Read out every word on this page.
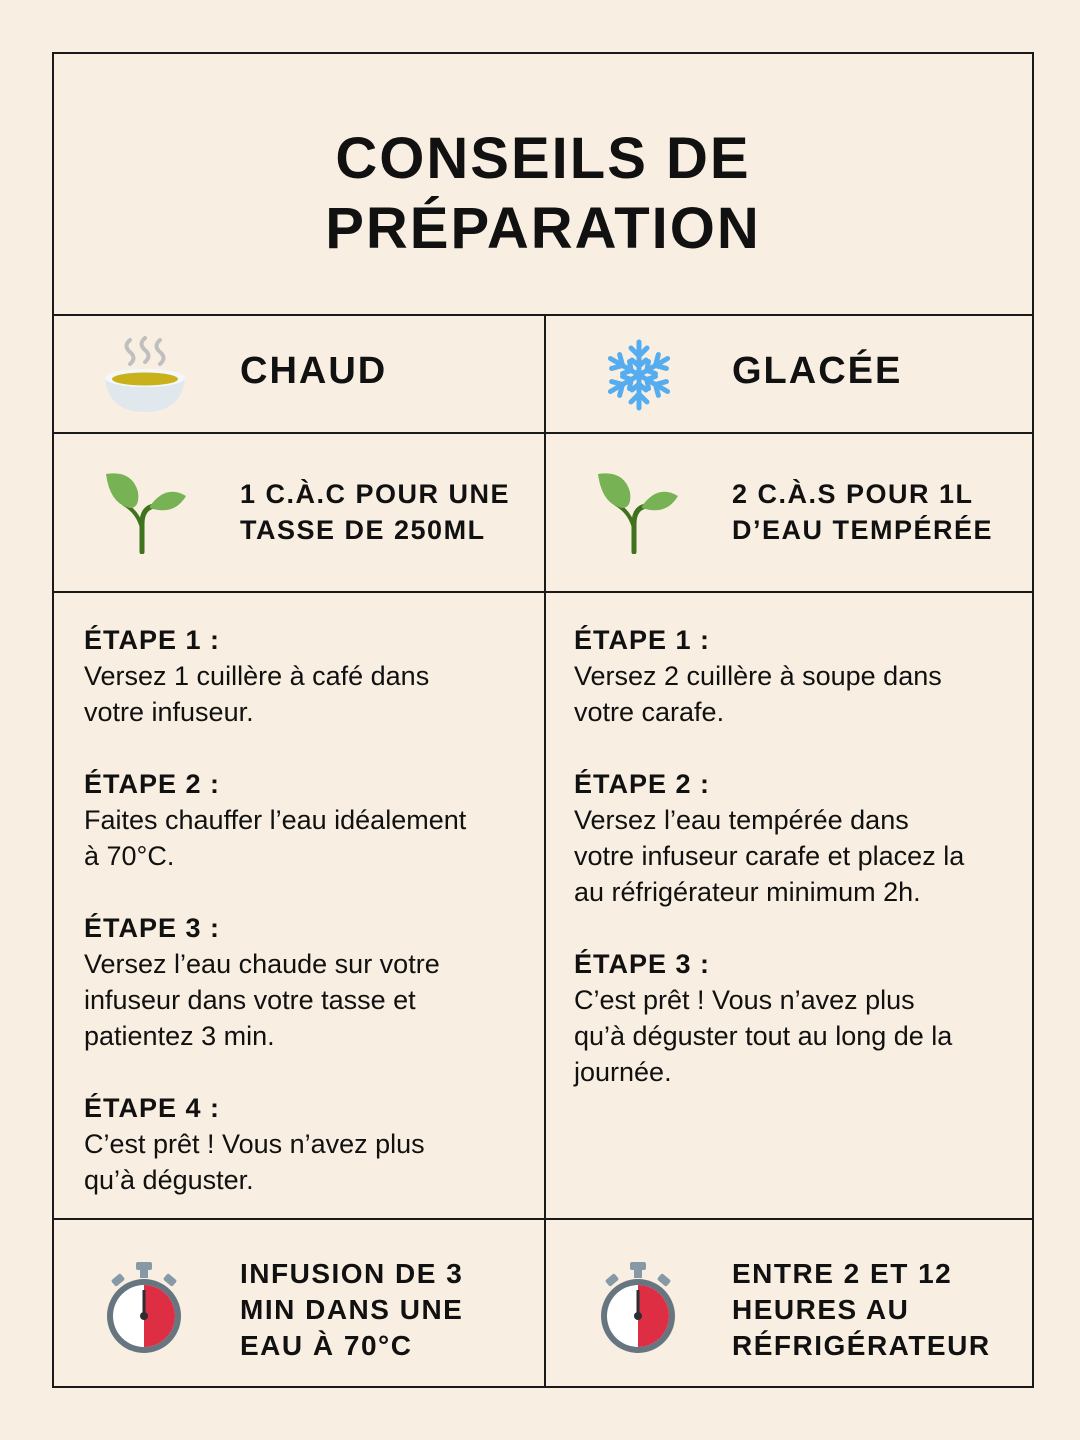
CONSEILS DE
PRÉPARATION
CHAUD	GLACÉE
1 C.À.C POUR UNE
TASSE DE 250ML
2 C.À.S POUR 1L
D’EAU TEMPÉRÉE
ÉTAPE 1 :
Versez 1 cuillère à café dans
votre infuseur.
ÉTAPE 2 :
Faites chauffer l’eau idéalement
à 70°C.
ÉTAPE 3 :
Versez l’eau chaude sur votre
infuseur dans votre tasse et
patientez 3 min.
ÉTAPE 4 :
C’est prêt ! Vous n’avez plus
qu’à déguster.
ÉTAPE 1 :
Versez 2 cuillère à soupe dans
votre carafe.
ÉTAPE 2 :
Versez l’eau tempérée dans
votre infuseur carafe et placez la
au réfrigérateur minimum 2h.
ÉTAPE 3 :
C’est prêt ! Vous n’avez plus
qu’à déguster tout au long de la
journée.
INFUSION DE 3
MIN DANS UNE
EAU À 70°C
ENTRE 2 ET 12
HEURES AU
RÉFRIGÉRATEUR
